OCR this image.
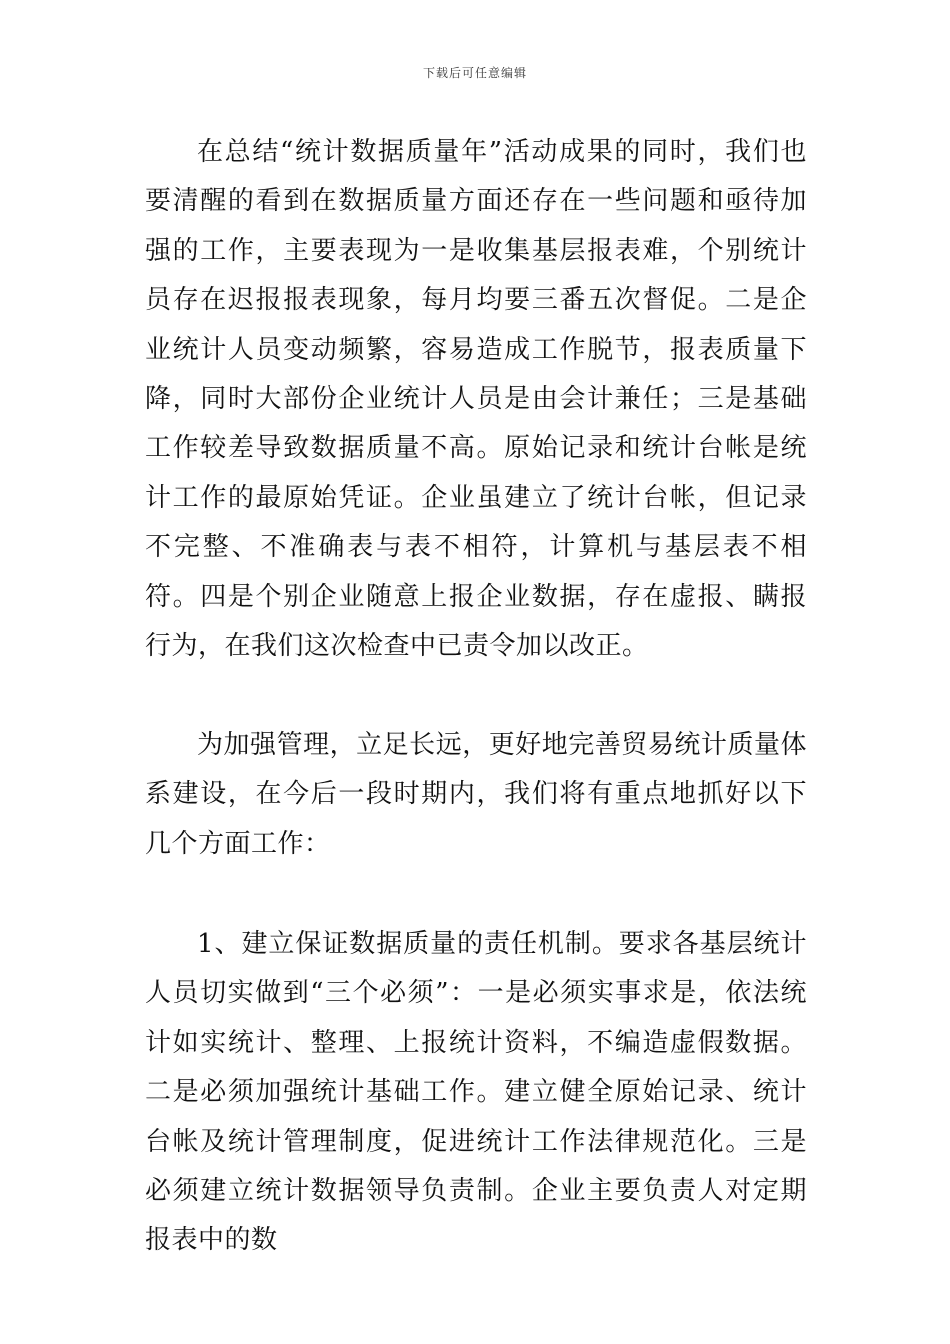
下载后可任意编辑

在总结“统计数据质量年”活动成果的同时，我们也要清醒的看到在数据质量方面还存在一些问题和亟待加强的工作，主要表现为一是收集基层报表难，个别统计员存在迟报报表现象，每月均要三番五次督促。二是企业统计人员变动频繁，容易造成工作脱节，报表质量下降，同时大部份企业统计人员是由会计兼任；三是基础工作较差导致数据质量不高。原始记录和统计台帐是统计工作的最原始凭证。企业虽建立了统计台帐，但记录不完整、不准确表与表不相符，计算机与基层表不相符。四是个别企业随意上报企业数据，存在虚报、瞒报行为，在我们这次检查中已责令加以改正。

为加强管理，立足长远，更好地完善贸易统计质量体系建设，在今后一段时期内，我们将有重点地抓好以下几个方面工作：

1、建立保证数据质量的责任机制。要求各基层统计人员切实做到“三个必须”：一是必须实事求是，依法统计如实统计、整理、上报统计资料，不编造虚假数据。二是必须加强统计基础工作。建立健全原始记录、统计台帐及统计管理制度，促进统计工作法律规范化。三是必须建立统计数据领导负责制。企业主要负责人对定期报表中的数
